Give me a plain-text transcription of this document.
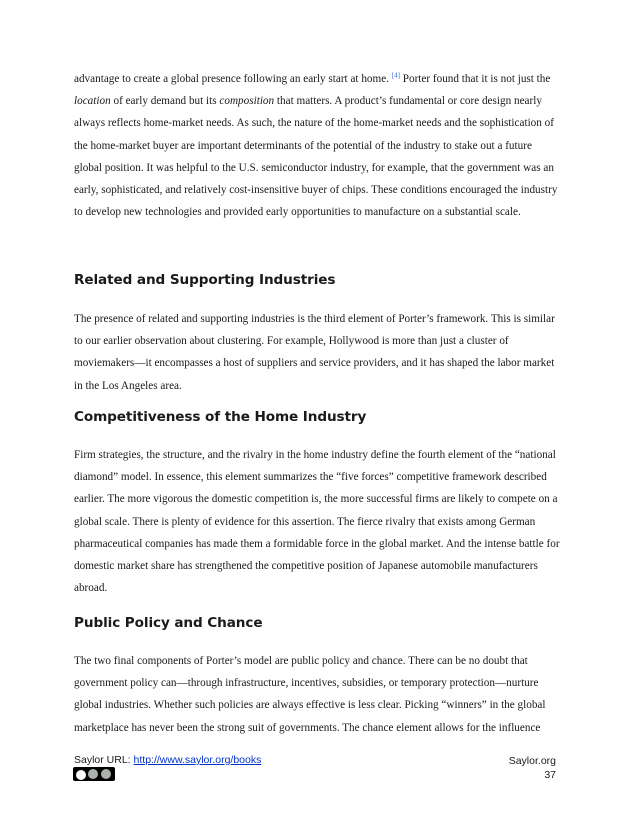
advantage to create a global presence following an early start at home. [4] Porter found that it is not just the location of early demand but its composition that matters. A product’s fundamental or core design nearly always reflects home-market needs. As such, the nature of the home-market needs and the sophistication of the home-market buyer are important determinants of the potential of the industry to stake out a future global position. It was helpful to the U.S. semiconductor industry, for example, that the government was an early, sophisticated, and relatively cost-insensitive buyer of chips. These conditions encouraged the industry to develop new technologies and provided early opportunities to manufacture on a substantial scale.

Related and Supporting Industries

The presence of related and supporting industries is the third element of Porter’s framework. This is similar to our earlier observation about clustering. For example, Hollywood is more than just a cluster of moviemakers—it encompasses a host of suppliers and service providers, and it has shaped the labor market in the Los Angeles area.

Competitiveness of the Home Industry

Firm strategies, the structure, and the rivalry in the home industry define the fourth element of the “national diamond” model. In essence, this element summarizes the “five forces” competitive framework described earlier. The more vigorous the domestic competition is, the more successful firms are likely to compete on a global scale. There is plenty of evidence for this assertion. The fierce rivalry that exists among German pharmaceutical companies has made them a formidable force in the global market. And the intense battle for domestic market share has strengthened the competitive position of Japanese automobile manufacturers abroad.

Public Policy and Chance

The two final components of Porter’s model are public policy and chance. There can be no doubt that government policy can—through infrastructure, incentives, subsidies, or temporary protection—nurture global industries. Whether such policies are always effective is less clear. Picking “winners” in the global marketplace has never been the strong suit of governments. The chance element allows for the influence

Saylor URL: http://www.saylor.org/books	Saylor.org
37
